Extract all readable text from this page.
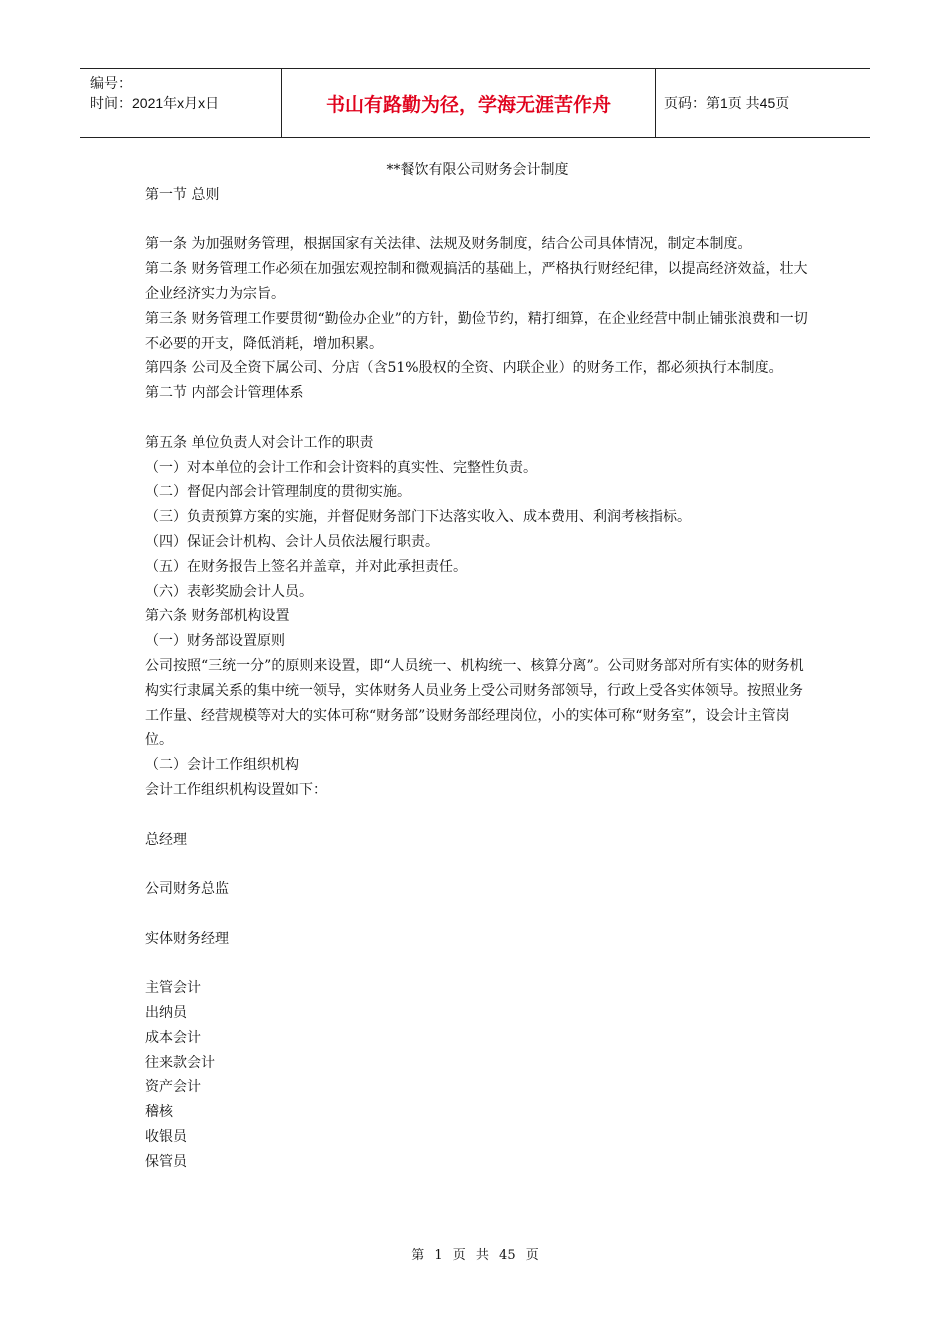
编号：
时间：2021年x月x日	书山有路勤为径，学海无涯苦作舟	页码：第1页 共45页

**餐饮有限公司财务会计制度

第一节 总则

第一条 为加强财务管理，根据国家有关法律、法规及财务制度，结合公司具体情况，制定本制度。

第二条 财务管理工作必须在加强宏观控制和微观搞活的基础上，严格执行财经纪律，以提高经济效益，壮大企业经济实力为宗旨。

第三条 财务管理工作要贯彻“勤俭办企业”的方针，勤俭节约，精打细算，在企业经营中制止铺张浪费和一切不必要的开支，降低消耗，增加积累。

第四条 公司及全资下属公司、分店（含51%股权的全资、内联企业）的财务工作，都必须执行本制度。

第二节 内部会计管理体系

第五条 单位负责人对会计工作的职责

（一）对本单位的会计工作和会计资料的真实性、完整性负责。

（二）督促内部会计管理制度的贯彻实施。

（三）负责预算方案的实施，并督促财务部门下达落实收入、成本费用、利润考核指标。

（四）保证会计机构、会计人员依法履行职责。

（五）在财务报告上签名并盖章，并对此承担责任。

（六）表彰奖励会计人员。

第六条 财务部机构设置

（一）财务部设置原则

公司按照“三统一分”的原则来设置，即“人员统一、机构统一、核算分离”。公司财务部对所有实体的财务机构实行隶属关系的集中统一领导，实体财务人员业务上受公司财务部领导，行政上受各实体领导。按照业务工作量、经营规模等对大的实体可称“财务部”设财务部经理岗位，小的实体可称“财务室”，设会计主管岗位。

（二）会计工作组织机构

会计工作组织机构设置如下：

总经理

公司财务总监

实体财务经理

主管会计

出纳员

成本会计

往来款会计

资产会计

稽核

收银员

保管员

第 1 页 共 45 页
